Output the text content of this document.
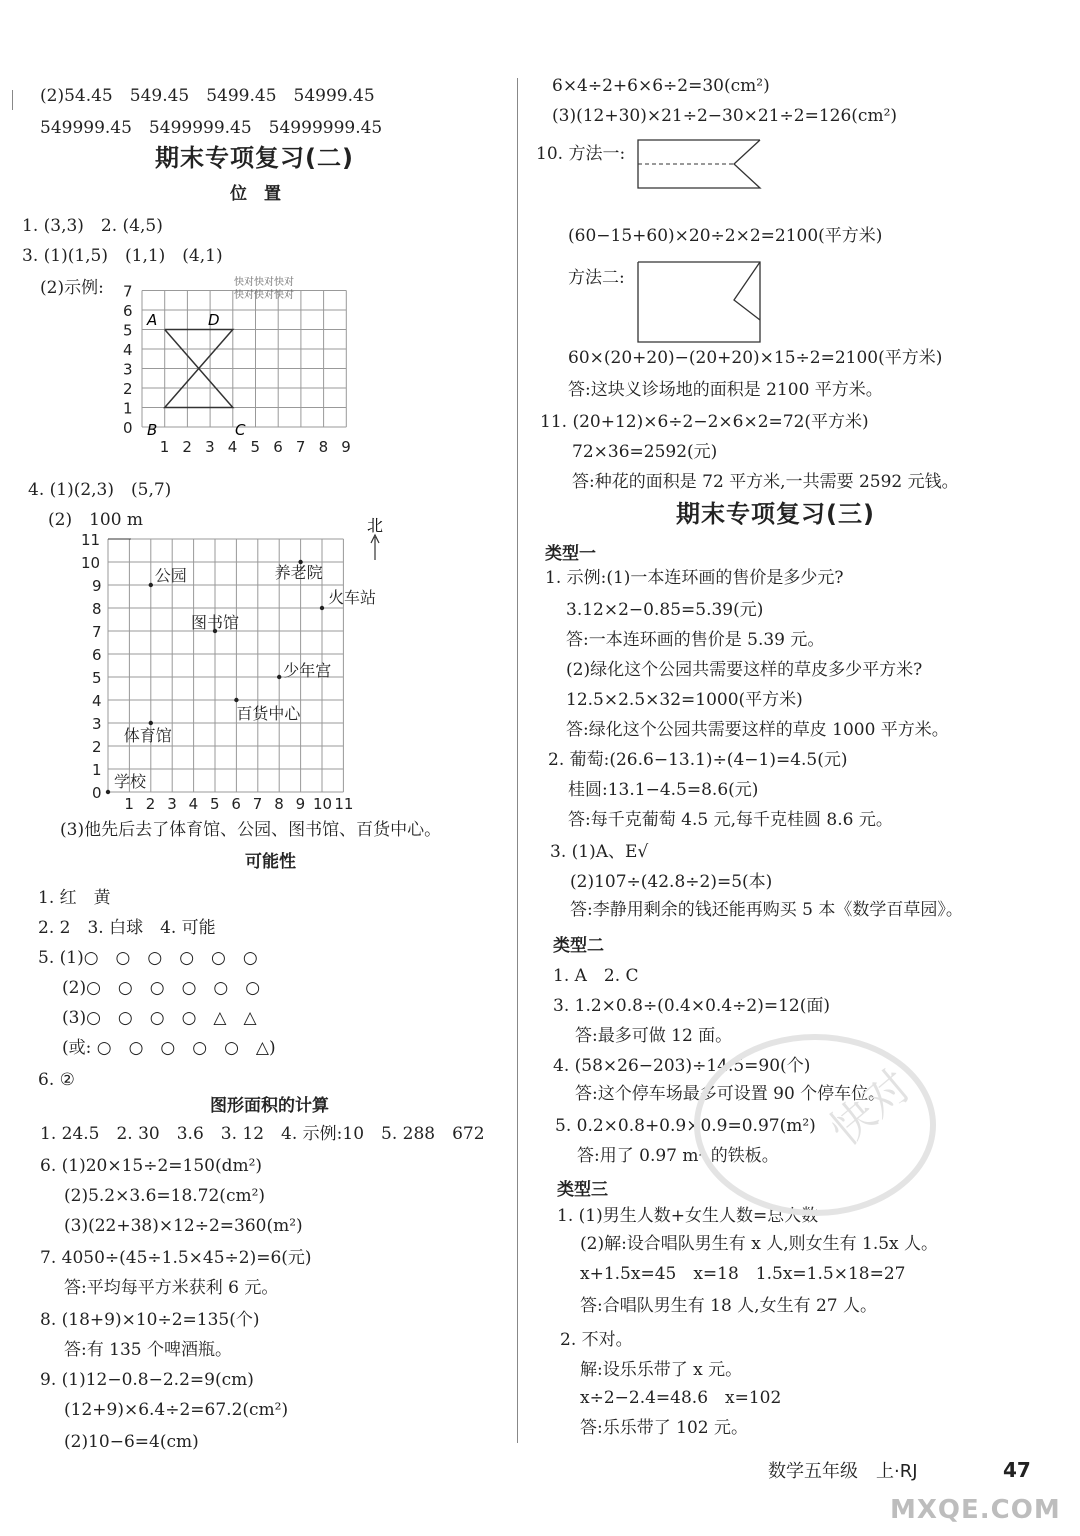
(2)54.45　549.45　5499.45　54999.45
549999.45　5499999.45　54999999.45
期末专项复习(二)
位　置
1. (3,3)　2. (4,5)
3. (1)(1,5)　(1,1)　(4,1)
(2)示例:
0
1
2
3
4
5
6
7
1 2 3 4 5 6 7 8 9
A	D
B	C
快对快对快对
快对快对快对
4. (1)(2,3)　(5,7)
(2)　100 m
0
1
2
3
4
5
6
7
8
9
10
11
1 2 3 4 5 6 7 8 9 10 11
公园	养老院
火车站
图书馆
少年宫
百货中心
体育馆
学校
北
(3)他先后去了体育馆、公园、图书馆、百货中心。
可能性
1. 红　黄
2. 2　3. 白球　4. 可能
5. (1)○　○　○　○　○　○
(2)○　○　○　○　○　○
(3)○　○　○　○　△　△
(或: ○　○　○　○　○　△)
6. ②
图形面积的计算
1. 24.5　2. 30　3.6　3. 12　4. 示例:10　5. 288　672
6. (1)20×15÷2=150(dm²)
(2)5.2×3.6=18.72(cm²)
(3)(22+38)×12÷2=360(m²)
7. 4050÷(45÷1.5×45÷2)=6(元)
答:平均每平方米获利 6 元。
8. (18+9)×10÷2=135(个)
答:有 135 个啤酒瓶。
9. (1)12−0.8−2.2=9(cm)
(12+9)×6.4÷2=67.2(cm²)
(2)10−6=4(cm)
6×4÷2+6×6÷2=30(cm²)
(3)(12+30)×21÷2−30×21÷2=126(cm²)
10. 方法一:
(60−15+60)×20÷2×2=2100(平方米)
方法二:
60×(20+20)−(20+20)×15÷2=2100(平方米)
答:这块义诊场地的面积是 2100 平方米。
11. (20+12)×6÷2−2×6×2=72(平方米)
72×36=2592(元)
答:种花的面积是 72 平方米,一共需要 2592 元钱。
期末专项复习(三)
类型一
1. 示例:(1)一本连环画的售价是多少元?
3.12×2−0.85=5.39(元)
答:一本连环画的售价是 5.39 元。
(2)绿化这个公园共需要这样的草皮多少平方米?
12.5×2.5×32=1000(平方米)
答:绿化这个公园共需要这样的草皮 1000 平方米。
2. 葡萄:(26.6−13.1)÷(4−1)=4.5(元)
桂圆:13.1−4.5=8.6(元)
答:每千克葡萄 4.5 元,每千克桂圆 8.6 元。
3. (1)A、E√
(2)107÷(42.8÷2)=5(本)
答:李静用剩余的钱还能再购买 5 本《数学百草园》。
类型二
1. A　2. C
3. 1.2×0.8÷(0.4×0.4÷2)=12(面)
答:最多可做 12 面。
4. (58×26−203)÷14.5=90(个)
答:这个停车场最多可设置 90 个停车位。
5. 0.2×0.8+0.9×0.9=0.97(m²)
答:用了 0.97 m² 的铁板。
类型三
1. (1)男生人数+女生人数=总人数
(2)解:设合唱队男生有 x 人,则女生有 1.5x 人。
x+1.5x=45　x=18　1.5x=1.5×18=27
答:合唱队男生有 18 人,女生有 27 人。
2. 不对。
解:设乐乐带了 x 元。
x÷2−2.4=48.6　x=102
答:乐乐带了 102 元。
快对
数学五年级　上·RJ	47
MXQE.COM
